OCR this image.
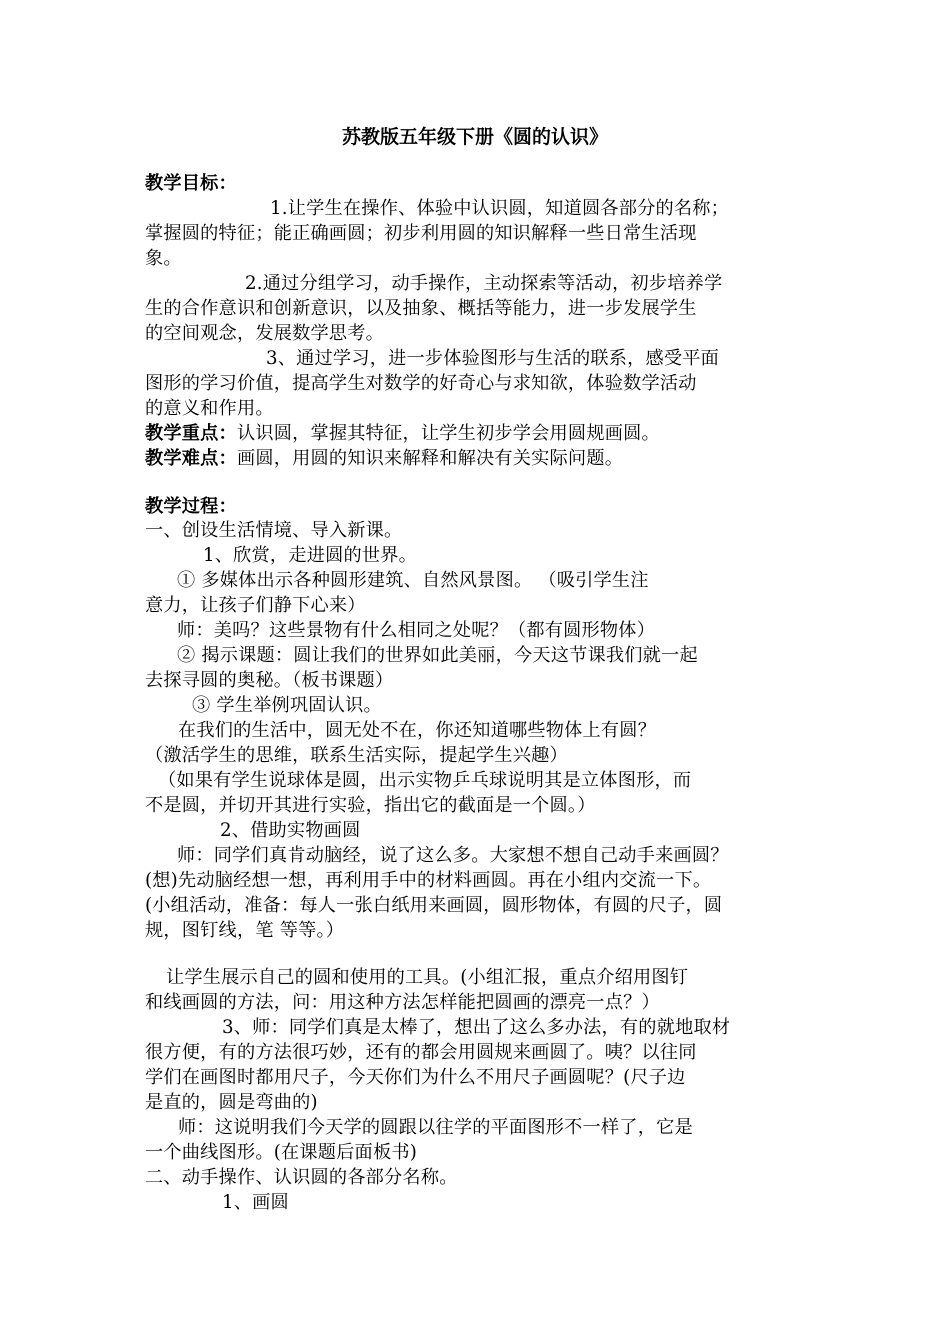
苏教版五年级下册《圆的认识》
教学目标：
1.让学生在操作、体验中认识圆，知道圆各部分的名称；
掌握圆的特征；能正确画圆；初步利用圆的知识解释一些日常生活现
象。
2.通过分组学习，动手操作，主动探索等活动，初步培养学
生的合作意识和创新意识，以及抽象、概括等能力，进一步发展学生
的空间观念，发展数学思考。
3、通过学习，进一步体验图形与生活的联系，感受平面
图形的学习价值，提高学生对数学的好奇心与求知欲，体验数学活动
的意义和作用。
教学重点：认识圆，掌握其特征，让学生初步学会用圆规画圆。
教学难点：画圆，用圆的知识来解释和解决有关实际问题。
教学过程：
一、创设生活情境、导入新课。
1、欣赏，走进圆的世界。
① 多媒体出示各种圆形建筑、自然风景图。 （吸引学生注
意力，让孩子们静下心来）
师：美吗？这些景物有什么相同之处呢？（都有圆形物体）
② 揭示课题：圆让我们的世界如此美丽，今天这节课我们就一起
去探寻圆的奥秘。（板书课题）
③ 学生举例巩固认识。
在我们的生活中，圆无处不在，你还知道哪些物体上有圆？
（激活学生的思维，联系生活实际，提起学生兴趣）
（如果有学生说球体是圆，出示实物乒乓球说明其是立体图形，而
不是圆，并切开其进行实验，指出它的截面是一个圆。）
2、借助实物画圆
师：同学们真肯动脑经，说了这么多。大家想不想自己动手来画圆？
(想)先动脑经想一想，再利用手中的材料画圆。再在小组内交流一下。
(小组活动，准备：每人一张白纸用来画圆，圆形物体，有圆的尺子，圆
规，图钉线，笔 等等。）
让学生展示自己的圆和使用的工具。(小组汇报，重点介绍用图钉
和线画圆的方法，问：用这种方法怎样能把圆画的漂亮一点？）
3、师：同学们真是太棒了，想出了这么多办法，有的就地取材
很方便，有的方法很巧妙，还有的都会用圆规来画圆了。咦？以往同
学们在画图时都用尺子，今天你们为什么不用尺子画圆呢？(尺子边
是直的，圆是弯曲的)
师：这说明我们今天学的圆跟以往学的平面图形不一样了，它是
一个曲线图形。(在课题后面板书)
二、动手操作、认识圆的各部分名称。
1、画圆
